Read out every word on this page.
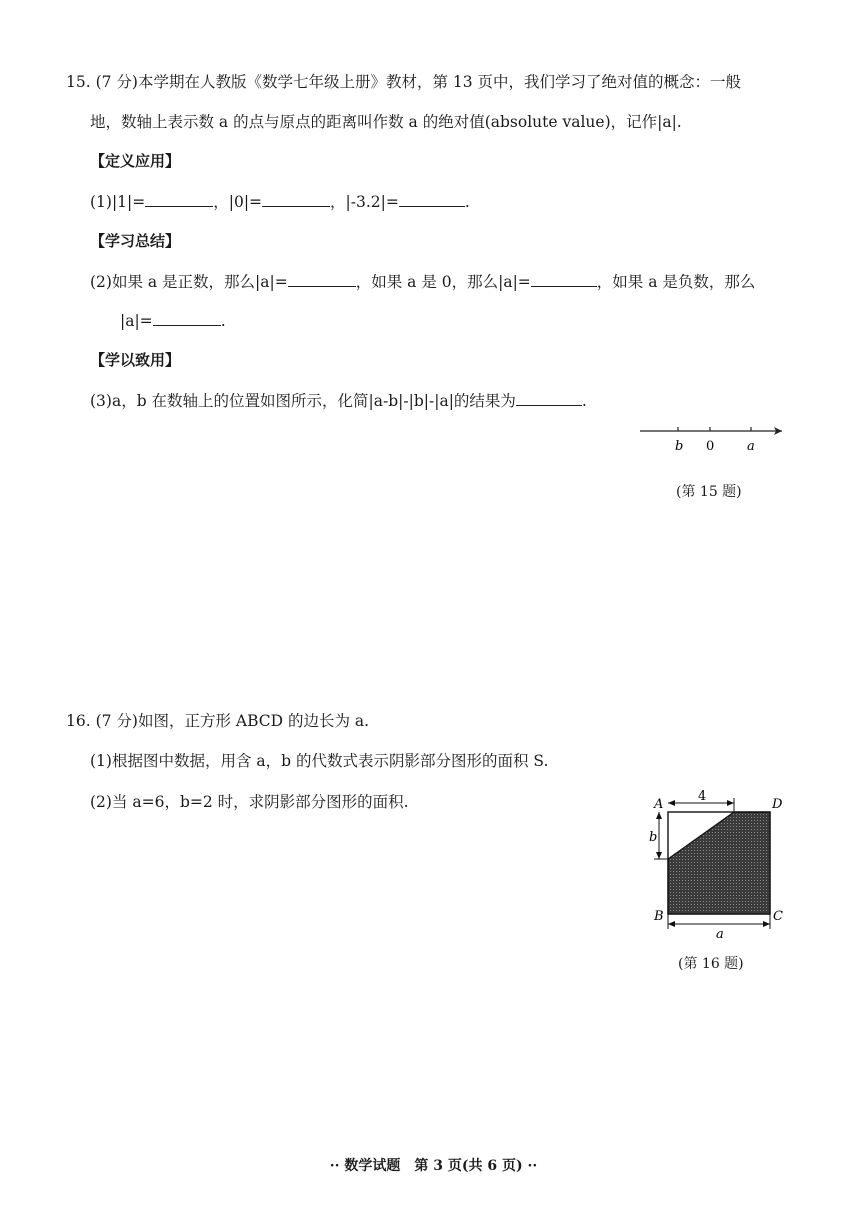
15. (7 分)本学期在人教版《数学七年级上册》教材，第 13 页中，我们学习了绝对值的概念：一般
地，数轴上表示数 a 的点与原点的距离叫作数 a 的绝对值(absolute value)，记作|a|.
【定义应用】
(1)|1|=	，|0|=	，|-3.2|=	.
【学习总结】
(2)如果 a 是正数，那么|a|=	，如果 a 是 0，那么|a|=	，如果 a 是负数，那么
|a|=	.
【学以致用】
(3)a，b 在数轴上的位置如图所示，化简|a-b|-|b|-|a|的结果为	.
b 0	a
(第 15 题)
16. (7 分)如图，正方形 ABCD 的边长为 a.
(1)根据图中数据，用含 a，b 的代数式表示阴影部分图形的面积 S.
(2)当 a=6，b=2 时，求阴影部分图形的面积.	4
b
a
A	D
B	C
(第 16 题)
·· 数学试题　第 3 页(共 6 页) ··
